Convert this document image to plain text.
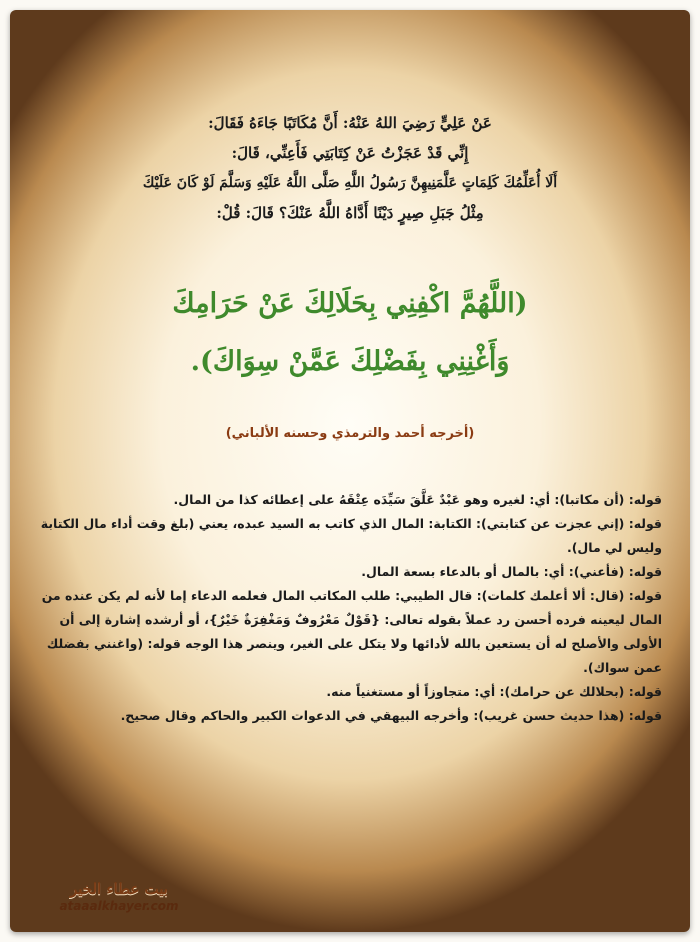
عَنْ عَلِيٍّ رَضِيَ اللهُ عَنْهُ: أَنَّ مُكَاتَبًا جَاءَهُ فَقَالَ:
إِنِّي قَدْ عَجَزْتُ عَنْ كِتَابَتِي فَأَعِنِّي، قَالَ:
أَلَا أُعَلِّمُكَ كَلِمَاتٍ عَلَّمَنِيهِنَّ رَسُولُ اللَّهِ صَلَّى اللَّهُ عَلَيْهِ وَسَلَّمَ لَوْ كَانَ عَلَيْكَ
مِثْلُ جَبَلِ صِيرٍ دَيْنًا أَدَّاهُ اللَّهُ عَنْكَ؟ قَالَ: قُلْ:
(اللَّهُمَّ اكْفِنِي بِحَلَالِكَ عَنْ حَرَامِكَ
وَأَغْنِنِي بِفَضْلِكَ عَمَّنْ سِوَاكَ).
(أخرجه أحمد والترمذي وحسنه الألباني)

قوله: (أن مكاتبا): أي: لغيره وهو عَبْدٌ عَلَّقَ سَيِّدَه عِتْقَهُ على إعطائه كذا من المال.

قوله: (إني عجزت عن كتابتي): الكتابة: المال الذي كاتب به السيد عبده، يعني (بلغ وقت أداء مال الكتابة وليس لي مال).

قوله: (فأعني): أي: بالمال أو بالدعاء بسعة المال.

قوله: (قال: ألا أعلمك كلمات): قال الطيبي: طلب المكاتب المال فعلمه الدعاء إما لأنه لم يكن عنده من المال ليعينه فرده أحسن رد عملاً بقوله تعالى: {قَوْلٌ مَعْرُوفٌ وَمَغْفِرَةٌ خَيْرٌ}، أو أرشده إشارة إلى أن الأولى والأصلح له أن يستعين بالله لأدائها ولا يتكل على الغير، وينصر هذا الوجه قوله: (واغنني بفضلك عمن سواك).

قوله: (بحلالك عن حرامك): أي: متجاوزاً أو مستغنياً منه.

قوله: (هذا حديث حسن غريب): وأخرجه البيهقي في الدعوات الكبير والحاكم وقال صحيح.

بيت عطاء الخير
ataaalkhayer.com
